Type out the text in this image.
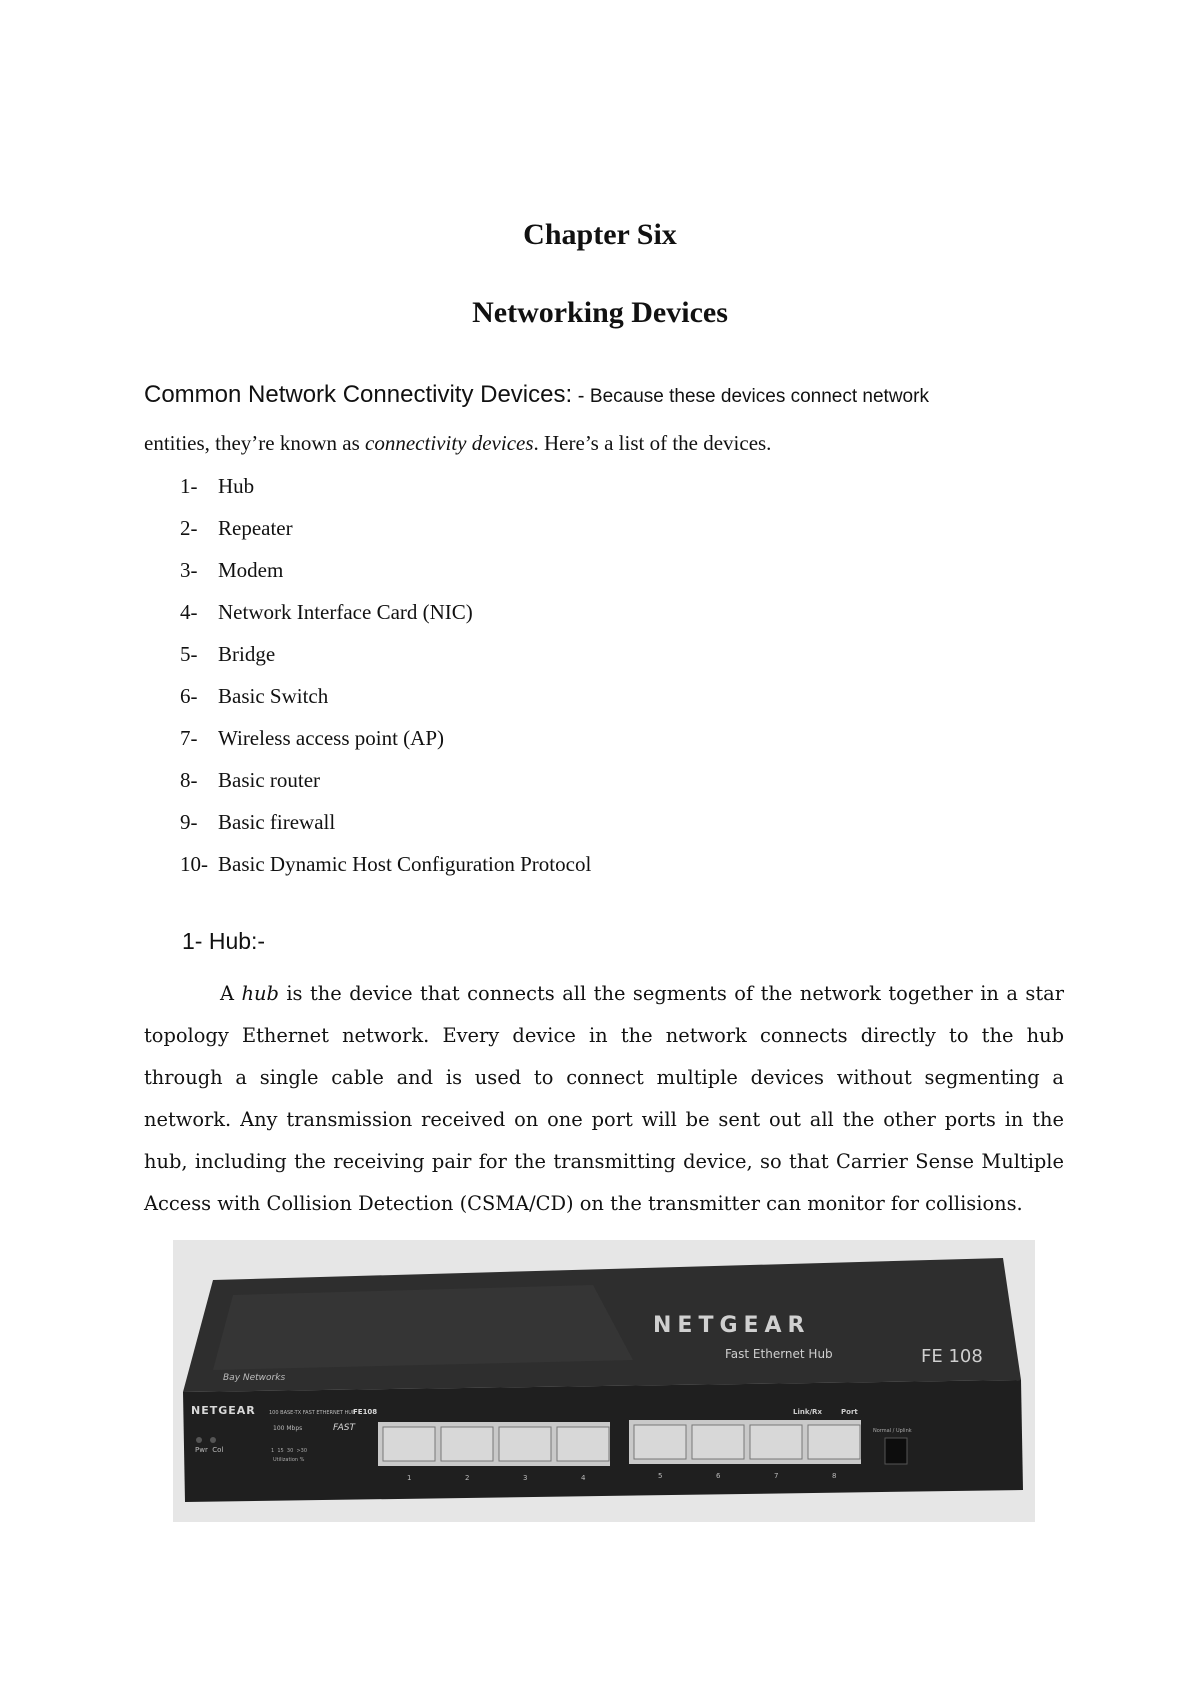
Chapter Six
Networking Devices
Common Network Connectivity Devices: - Because these devices connect network
entities, they’re known as connectivity devices. Here’s a list of the devices.
1- Hub
2- Repeater
3- Modem
4- Network Interface Card (NIC)
5- Bridge
6- Basic Switch
7- Wireless access point (AP)
8- Basic router
9- Basic firewall
10- Basic Dynamic Host Configuration Protocol
1- Hub:-
A hub is the device that connects all the segments of the network together in a star topology Ethernet network. Every device in the network connects directly to the hub through a single cable and is used to connect multiple devices without segmenting a network. Any transmission received on one port will be sent out all the other ports in the hub, including the receiving pair for the transmitting device, so that Carrier Sense Multiple Access with Collision Detection (CSMA/CD) on the transmitter can monitor for collisions.
NETGEAR
Fast Ethernet Hub	FE 108
Bay Networks
NETGEAR	100 BASE-TX FAST ETHERNET HUB
FE108
100 Mbps	FAST
Pwr  Col	1  15  30  >30
Utilization %
Link/Rx	Port
Normal / Uplink
1	2	3	4	5	6	7	8
